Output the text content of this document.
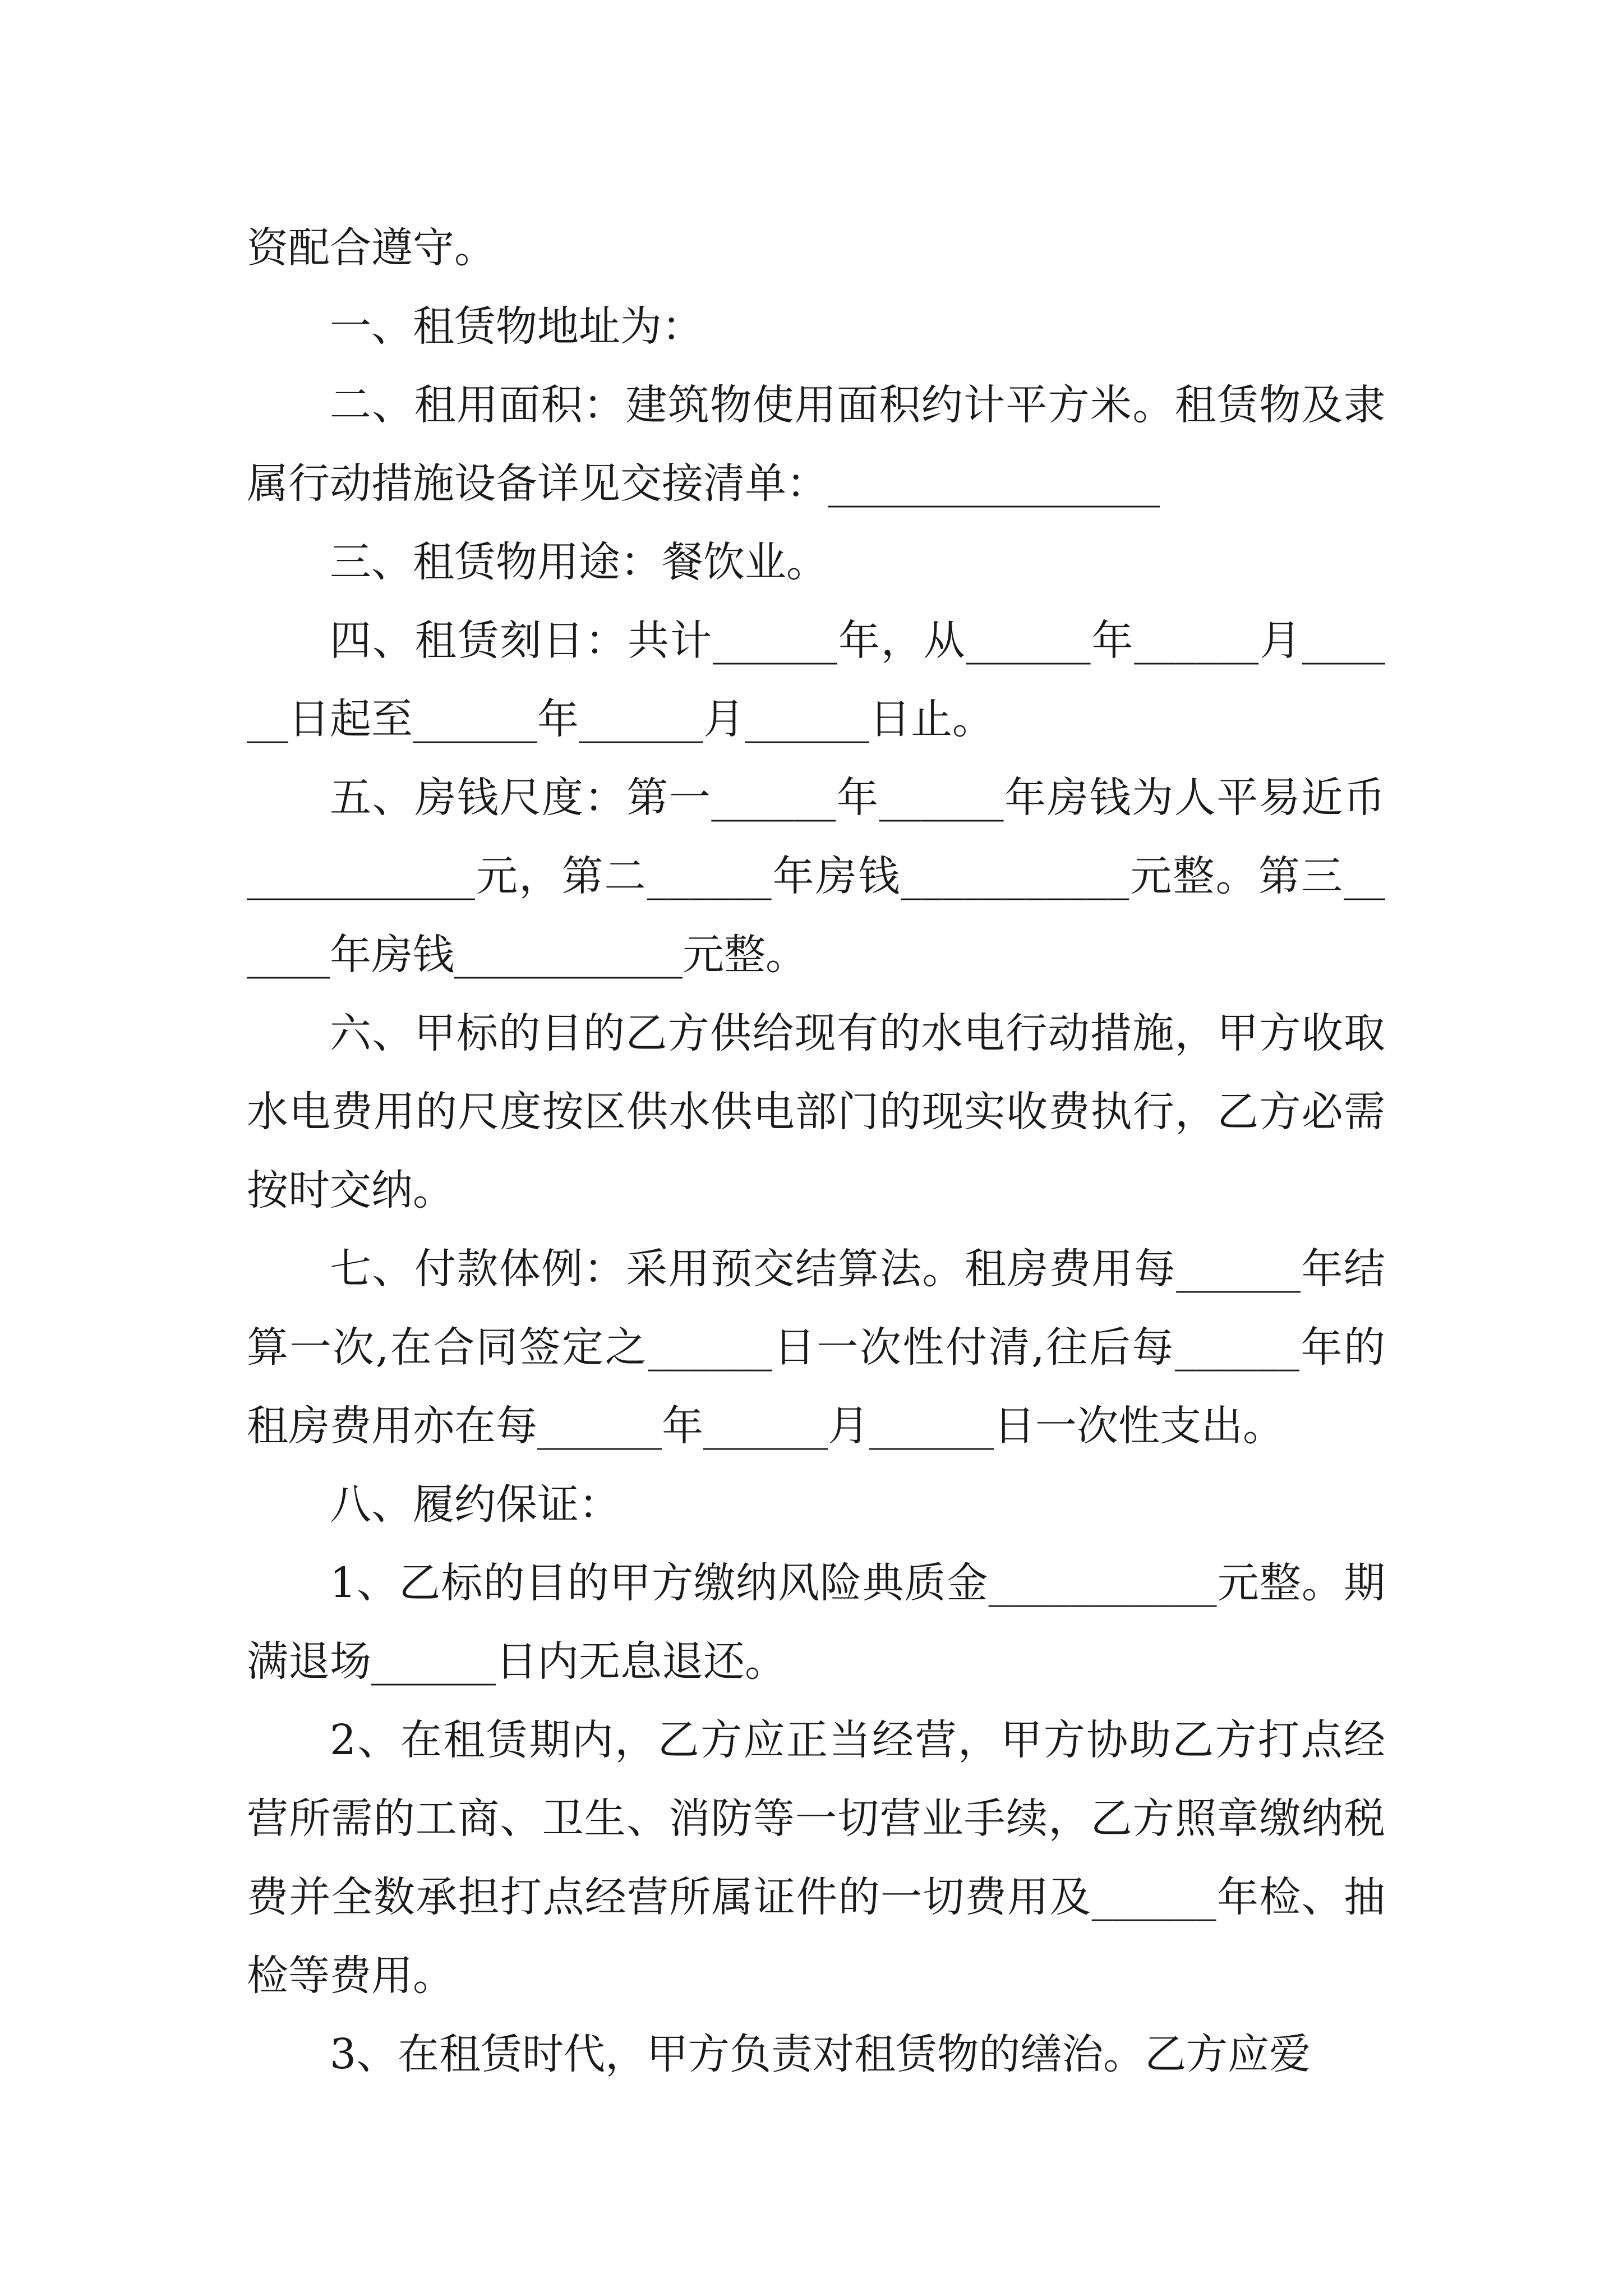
资配合遵守。

一、租赁物地址为：

二、租用面积：建筑物使用面积约计平方米。租赁物及隶属行动措施设备详见交接清单：________________

三、租赁物用途：餐饮业。

四、租赁刻日：共计______年，从______年______月______日起至______年______月______日止。

五、房钱尺度：第一______年______年房钱为人平易近币___________元，第二______年房钱___________元整。第三______年房钱___________元整。

六、甲标的目的乙方供给现有的水电行动措施，甲方收取水电费用的尺度按区供水供电部门的现实收费执行，乙方必需按时交纳。

七、付款体例：采用预交结算法。租房费用每______年结算一次,在合同签定之______日一次性付清,往后每______年的租房费用亦在每______年______月______日一次性支出。

八、履约保证：

1、乙标的目的甲方缴纳风险典质金___________元整。期满退场______日内无息退还。

2、在租赁期内，乙方应正当经营，甲方协助乙方打点经营所需的工商、卫生、消防等一切营业手续，乙方照章缴纳税费并全数承担打点经营所属证件的一切费用及______年检、抽检等费用。

3、在租赁时代，甲方负责对租赁物的缮治。乙方应爱
